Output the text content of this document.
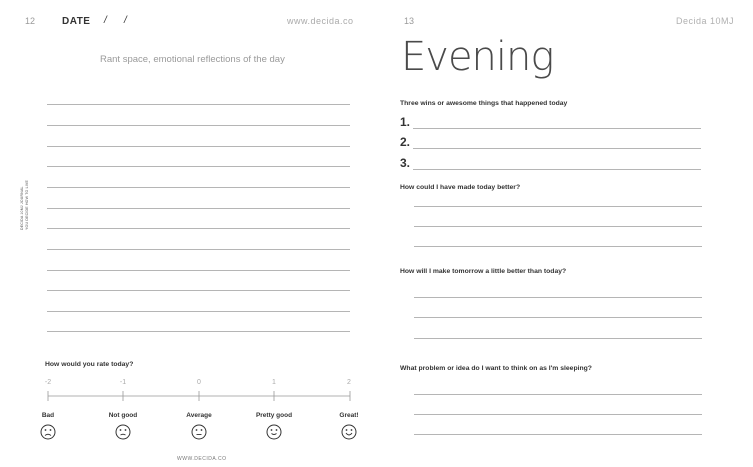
12	DATE / /	www.decida.co
Rant space, emotional reflections of the day
DECIDA 10MJ JOURNAL YOU DECIDE HOW TO LIVE
How would you rate today?
-2	-1	0	1	2
Bad	Not good	Average	Pretty good	Great!
WWW.DECIDA.CO
13	Decida 10MJ
Evening
Three wins or awesome things that happened today
1.
2.
3.
How could I have made today better?
How will I make tomorrow a little better than today?
What problem or idea do I want to think on as I'm sleeping?
